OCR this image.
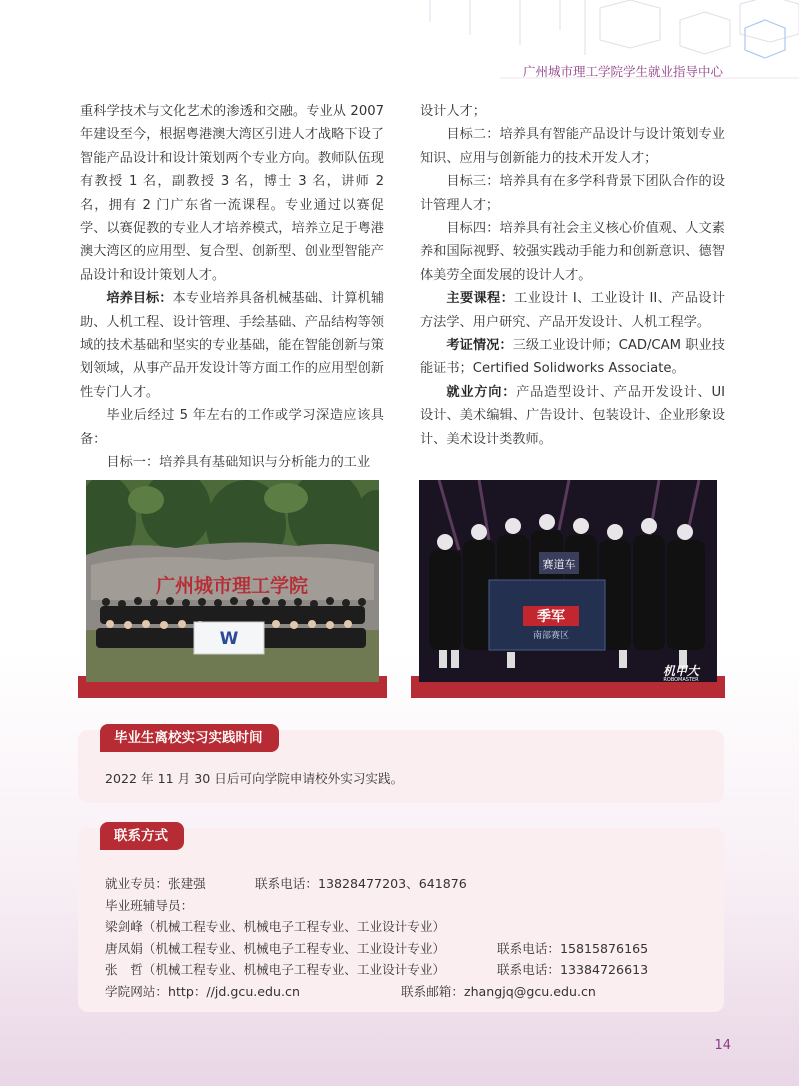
广州城市理工学院学生就业指导中心

重科学技术与文化艺术的渗透和交融。专业从 2007 年建设至今，根据粤港澳大湾区引进人才战略下设了智能产品设计和设计策划两个专业方向。教师队伍现有教授 1 名，副教授 3 名，博士 3 名，讲师 2 名，拥有 2 门广东省一流课程。专业通过以赛促学、以赛促教的专业人才培养模式，培养立足于粤港澳大湾区的应用型、复合型、创新型、创业型智能产品设计和设计策划人才。

培养目标：本专业培养具备机械基础、计算机辅助、人机工程、设计管理、手绘基础、产品结构等领域的技术基础和坚实的专业基础，能在智能创新与策划领域，从事产品开发设计等方面工作的应用型创新性专门人才。

毕业后经过 5 年左右的工作或学习深造应该具备：

目标一：培养具有基础知识与分析能力的工业

设计人才；

目标二：培养具有智能产品设计与设计策划专业知识、应用与创新能力的技术开发人才；

目标三：培养具有在多学科背景下团队合作的设计管理人才；

目标四：培养具有社会主义核心价值观、人文素养和国际视野、较强实践动手能力和创新意识、德智体美劳全面发展的设计人才。

主要课程：工业设计 I、工业设计 II、产品设计方法学、用户研究、产品开发设计、人机工程学。

考证情况：三级工业设计师；CAD/CAM 职业技能证书；Certified Solidworks Associate。

就业方向：产品造型设计、产品开发设计、UI 设计、美术编辑、广告设计、包装设计、企业形象设计、美术设计类教师。

广州城市理工学院
W
赛道车
季军
南部赛区
机甲大
ROBOMASTER
毕业生离校实习实践时间
2022 年 11 月 30 日后可向学院申请校外实习实践。
联系方式
就业专员：张建强	联系电话：13828477203、641876
毕业班辅导员：
梁剑峰（机械工程专业、机械电子工程专业、工业设计专业）
唐凤娟（机械工程专业、机械电子工程专业、工业设计专业）	联系电话：15815876165
张　哲（机械工程专业、机械电子工程专业、工业设计专业）	联系电话：13384726613
学院网站：http：//jd.gcu.edu.cn	联系邮箱：zhangjq@gcu.edu.cn
14
